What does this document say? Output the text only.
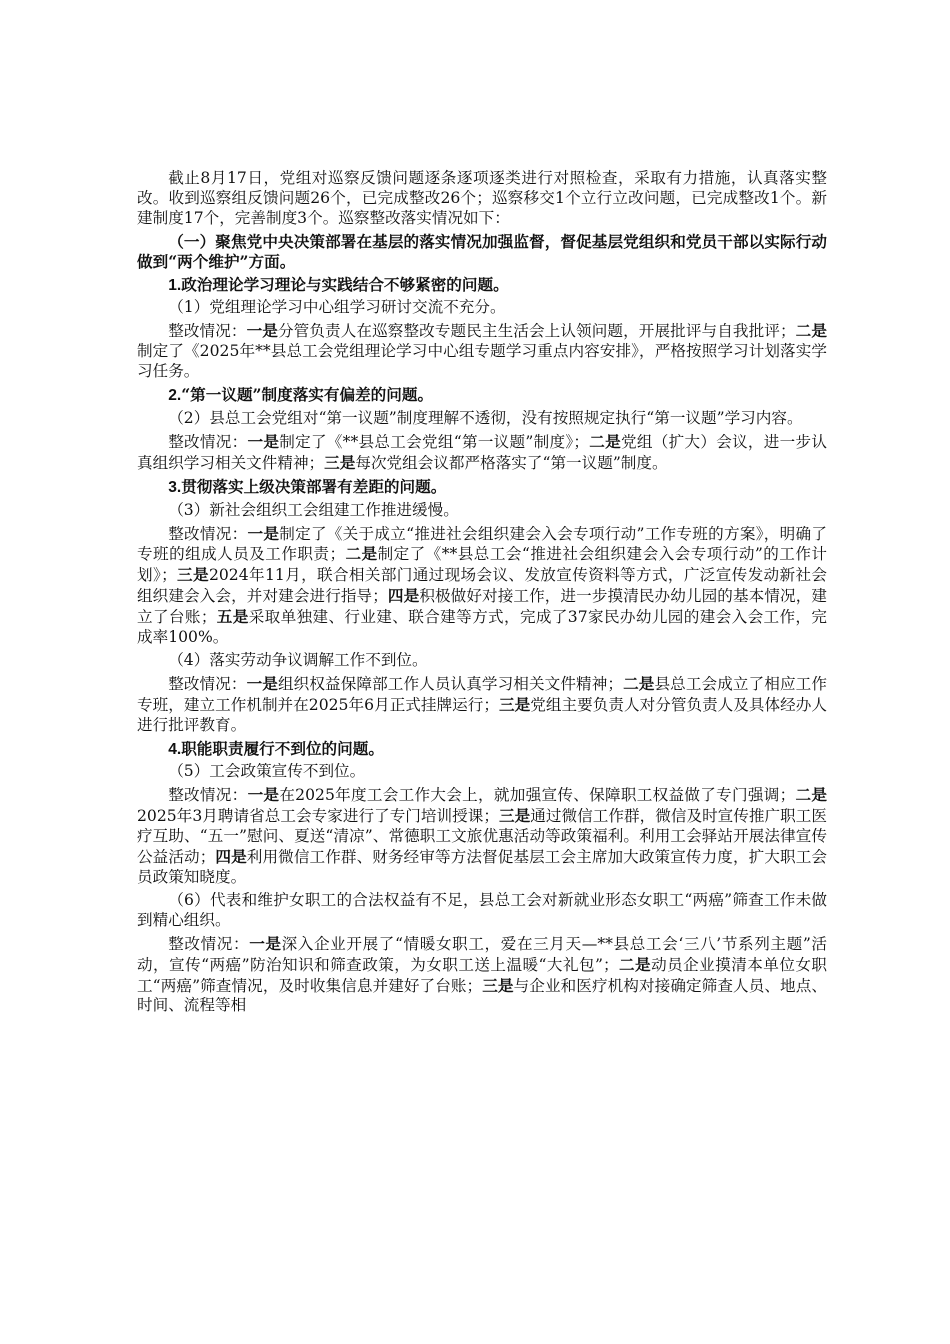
截止8月17日，党组对巡察反馈问题逐条逐项逐类进行对照检查，采取有力措施，认真落实整改。收到巡察组反馈问题26个，已完成整改26个；巡察移交1个立行立改问题，已完成整改1个。新建制度17个，完善制度3个。巡察整改落实情况如下：

（一）聚焦党中央决策部署在基层的落实情况加强监督，督促基层党组织和党员干部以实际行动做到“两个维护”方面。

1.政治理论学习理论与实践结合不够紧密的问题。

（1）党组理论学习中心组学习研讨交流不充分。

整改情况：一是分管负责人在巡察整改专题民主生活会上认领问题，开展批评与自我批评；二是制定了《2025年**县总工会党组理论学习中心组专题学习重点内容安排》，严格按照学习计划落实学习任务。

2.“第一议题”制度落实有偏差的问题。

（2）县总工会党组对“第一议题”制度理解不透彻，没有按照规定执行“第一议题”学习内容。

整改情况：一是制定了《**县总工会党组“第一议题”制度》；二是党组（扩大）会议，进一步认真组织学习相关文件精神；三是每次党组会议都严格落实了“第一议题”制度。

3.贯彻落实上级决策部署有差距的问题。

（3）新社会组织工会组建工作推进缓慢。

整改情况：一是制定了《关于成立“推进社会组织建会入会专项行动”工作专班的方案》，明确了专班的组成人员及工作职责；二是制定了《**县总工会“推进社会组织建会入会专项行动”的工作计划》；三是2024年11月，联合相关部门通过现场会议、发放宣传资料等方式，广泛宣传发动新社会组织建会入会，并对建会进行指导；四是积极做好对接工作，进一步摸清民办幼儿园的基本情况，建立了台账；五是采取单独建、行业建、联合建等方式，完成了37家民办幼儿园的建会入会工作，完成率100%。

（4）落实劳动争议调解工作不到位。

整改情况：一是组织权益保障部工作人员认真学习相关文件精神；二是县总工会成立了相应工作专班，建立工作机制并在2025年6月正式挂牌运行；三是党组主要负责人对分管负责人及具体经办人进行批评教育。

4.职能职责履行不到位的问题。

（5）工会政策宣传不到位。

整改情况：一是在2025年度工会工作大会上，就加强宣传、保障职工权益做了专门强调；二是2025年3月聘请省总工会专家进行了专门培训授课；三是通过微信工作群，微信及时宣传推广职工医疗互助、“五一”慰问、夏送“清凉”、常德职工文旅优惠活动等政策福利。利用工会驿站开展法律宣传公益活动；四是利用微信工作群、财务经审等方法督促基层工会主席加大政策宣传力度，扩大职工会员政策知晓度。

（6）代表和维护女职工的合法权益有不足，县总工会对新就业形态女职工“两癌”筛查工作未做到精心组织。

整改情况：一是深入企业开展了“情暖女职工，爱在三月天—**县总工会‘三八’节系列主题”活动，宣传“两癌”防治知识和筛查政策，为女职工送上温暖“大礼包”；二是动员企业摸清本单位女职工“两癌”筛查情况，及时收集信息并建好了台账；三是与企业和医疗机构对接确定筛查人员、地点、时间、流程等相
